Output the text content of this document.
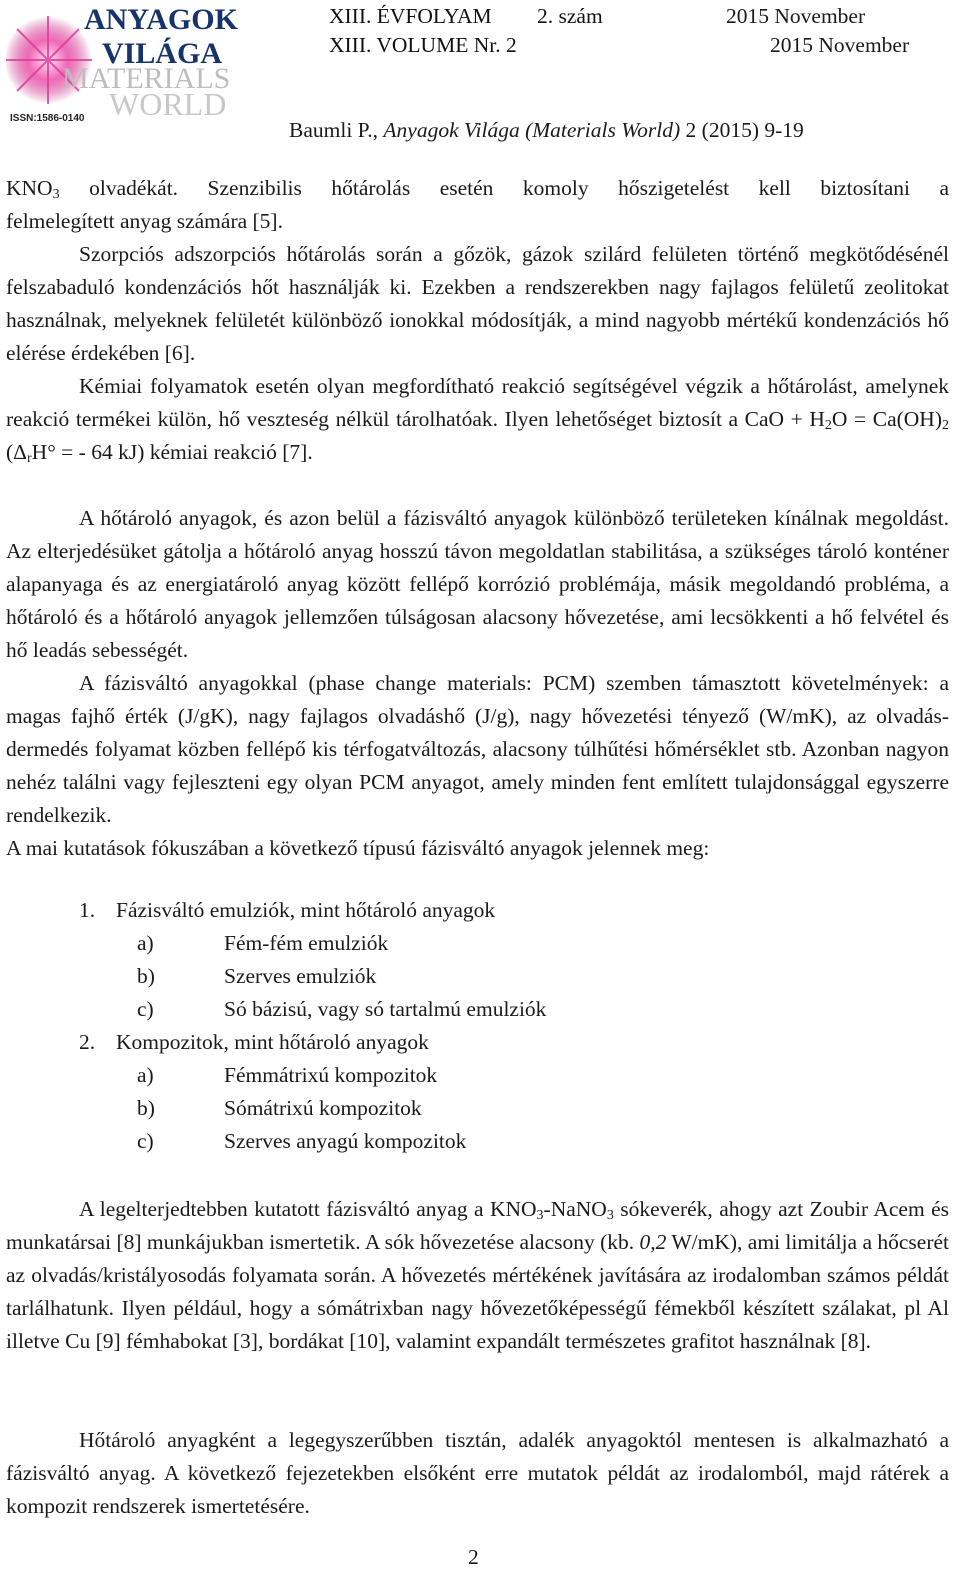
ANYAGOK
VILÁGA
MATERIALS
WORLD
ISSN:1586-0140
XIII. ÉVFOLYAM 2. szám	2015 November
XIII. VOLUME Nr. 2	2015 November
Baumli P., Anyagok Világa (Materials World) 2 (2015) 9-19

$KNO_3$ olvadékát. Szenzibilis hőtárolás esetén komoly hőszigetelést kell biztosítani a

felmelegített anyag számára [5].

Szorpciós adszorpciós hőtárolás során a gőzök, gázok szilárd felületen történő megkötődésénél felszabaduló kondenzációs hőt használják ki. Ezekben a rendszerekben nagy fajlagos felületű zeolitokat használnak, melyeknek felületét különböző ionokkal módosítják, a mind nagyobb mértékű kondenzációs hő elérése érdekében [6].

Kémiai folyamatok esetén olyan megfordítható reakció segítségével végzik a hőtárolást, amelynek reakció termékei külön, hő veszteség nélkül tárolhatóak. Ilyen lehetőséget biztosít a CaO + $H_2O = Ca(OH)_2$ ($\Delta_rH^\circ$ = - 64 kJ) kémiai reakció [7].

A hőtároló anyagok, és azon belül a fázisváltó anyagok különböző területeken kínálnak megoldást. Az elterjedésüket gátolja a hőtároló anyag hosszú távon megoldatlan stabilitása, a szükséges tároló konténer alapanyaga és az energiatároló anyag között fellépő korrózió problémája, másik megoldandó probléma, a hőtároló és a hőtároló anyagok jellemzően túlságosan alacsony hővezetése, ami lecsökkenti a hő felvétel és hő leadás sebességét.

A fázisváltó anyagokkal (phase change materials: PCM) szemben támasztott követelmények: a magas fajhő érték (J/gK), nagy fajlagos olvadáshő (J/g), nagy hővezetési tényező (W/mK), az olvadás-dermedés folyamat közben fellépő kis térfogatváltozás, alacsony túlhűtési hőmérséklet stb. Azonban nagyon nehéz találni vagy fejleszteni egy olyan PCM anyagot, amely minden fent említett tulajdonsággal egyszerre rendelkezik.

A mai kutatások fókuszában a következő típusú fázisváltó anyagok jelennek meg:

1. Fázisváltó emulziók, mint hőtároló anyagok
a)	Fém-fém emulziók
b)	Szerves emulziók
c)	Só bázisú, vagy só tartalmú emulziók
2. Kompozitok, mint hőtároló anyagok
a)	Fémmátrixú kompozitok
b)	Sómátrixú kompozitok
c)	Szerves anyagú kompozitok

A legelterjedtebben kutatott fázisváltó anyag a $KNO_3-NaNO_3$ sókeverék, ahogy azt Zoubir Acem és munkatársai [8] munkájukban ismertetik. A sók hővezetése alacsony (kb. 0,2 W/mK), ami limitálja a hőcserét az olvadás/kristályosodás folyamata során. A hővezetés mértékének javítására az irodalomban számos példát tarlálhatunk. Ilyen például, hogy a sómátrixban nagy hővezetőképességű fémekből készített szálakat, pl Al illetve Cu [9] fémhabokat [3], bordákat [10], valamint expandált természetes grafitot használnak [8].

Hőtároló anyagként a legegyszerűbben tisztán, adalék anyagoktól mentesen is alkalmazható a fázisváltó anyag. A következő fejezetekben elsőként erre mutatok példát az irodalomból, majd rátérek a kompozit rendszerek ismertetésére.

2
